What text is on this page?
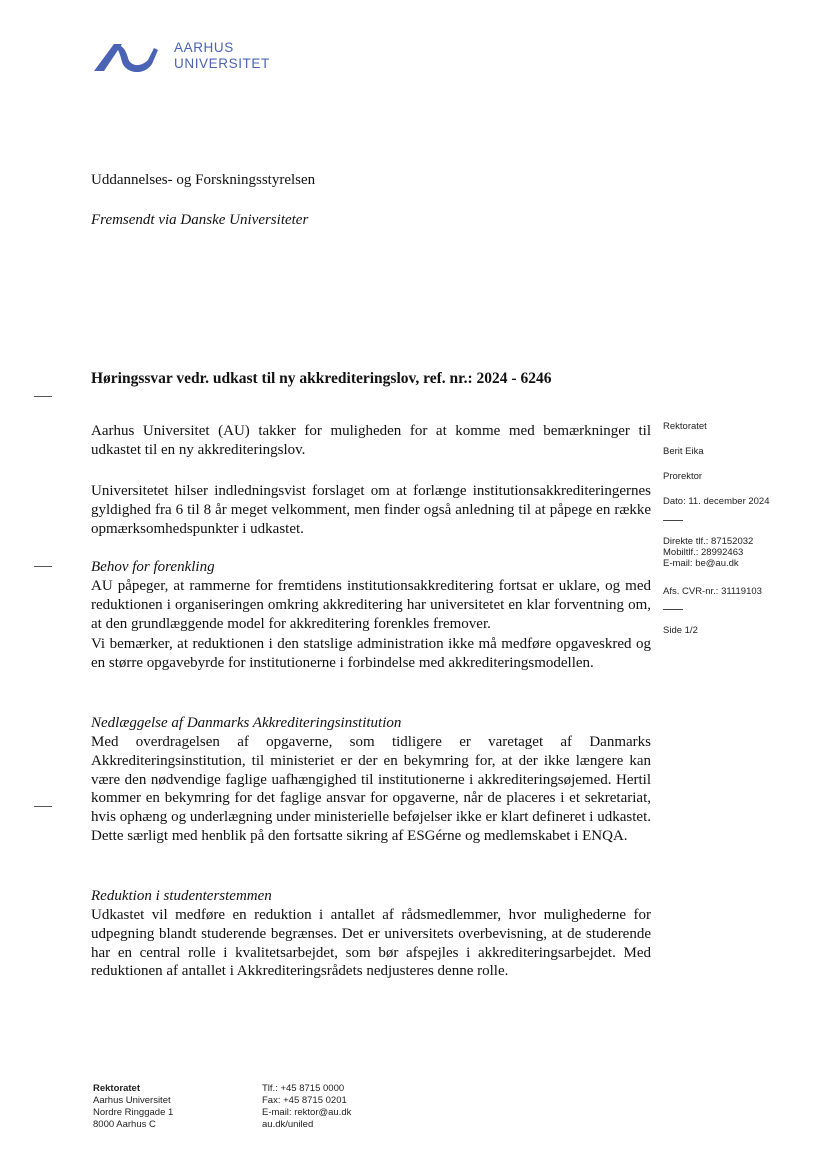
AARHUS
UNIVERSITET
Uddannelses- og Forskningsstyrelsen
Fremsendt via Danske Universiteter
Høringssvar vedr. udkast til ny akkrediteringslov, ref. nr.: 2024 - 6246
Aarhus Universitet (AU) takker for muligheden for at komme med bemærkninger til udkastet til en ny akkrediteringslov.
Universitetet hilser indledningsvist forslaget om at forlænge institutionsakkrediteringernes gyldighed fra 6 til 8 år meget velkomment, men finder også anledning til at påpege en række opmærksomhedspunkter i udkastet.
Behov for forenkling
AU påpeger, at rammerne for fremtidens institutionsakkreditering fortsat er uklare, og med reduktionen i organiseringen omkring akkreditering har universitetet en klar forventning om, at den grundlæggende model for akkreditering forenkles fremover.
Vi bemærker, at reduktionen i den statslige administration ikke må medføre opgaveskred og en større opgavebyrde for institutionerne i forbindelse med akkrediteringsmodellen.
Nedlæggelse af Danmarks Akkrediteringsinstitution
Med overdragelsen af opgaverne, som tidligere er varetaget af Danmarks Akkrediteringsinstitution, til ministeriet er der en bekymring for, at der ikke længere kan være den nødvendige faglige uafhængighed til institutionerne i akkrediteringsøjemed. Hertil kommer en bekymring for det faglige ansvar for opgaverne, når de placeres i et sekretariat, hvis ophæng og underlægning under ministerielle beføjelser ikke er klart defineret i udkastet. Dette særligt med henblik på den fortsatte sikring af ESGérne og medlemskabet i ENQA.
Reduktion i studenterstemmen
Udkastet vil medføre en reduktion i antallet af rådsmedlemmer, hvor mulighederne for udpegning blandt studerende begrænses. Det er universitets overbevisning, at de studerende har en central rolle i kvalitetsarbejdet, som bør afspejles i akkrediteringsarbejdet. Med reduktionen af antallet i Akkrediteringsrådets nedjusteres denne rolle.
Rektoratet
Berit Eika
Prorektor
Dato: 11. december 2024
Direkte tlf.: 87152032
Mobiltlf.: 28992463
E-mail: be@au.dk
Afs. CVR-nr.: 31119103
Side 1/2
Rektoratet
Aarhus Universitet
Nordre Ringgade 1
8000 Aarhus C
Tlf.: +45 8715 0000
Fax: +45 8715 0201
E-mail: rektor@au.dk
au.dk/uniled
